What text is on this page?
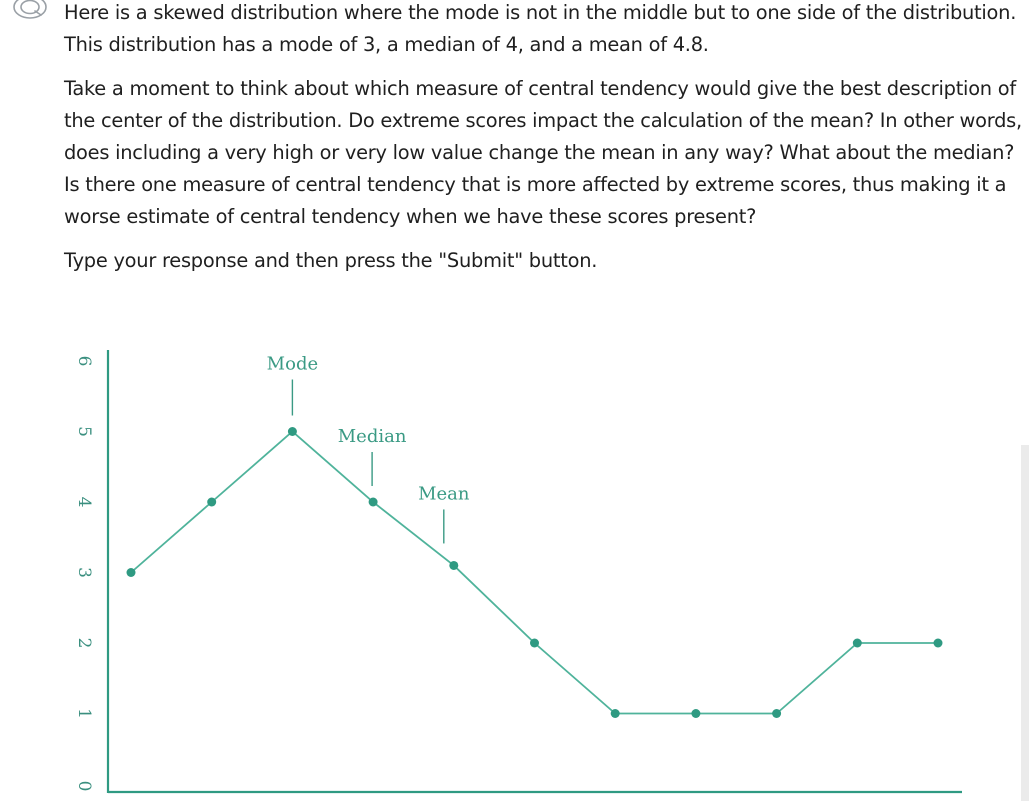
Here is a skewed distribution where the mode is not in the middle but to one side of the distribution. This distribution has a mode of 3, a median of 4, and a mean of 4.8.

Take a moment to think about which measure of central tendency would give the best description of the center of the distribution. Do extreme scores impact the calculation of the mean? In other words, does including a very high or very low value change the mean in any way? What about the median? Is there one measure of central tendency that is more affected by extreme scores, thus making it a worse estimate of central tendency when we have these scores present?

Type your response and then press the "Submit" button.

0
1
2
3
4
5
6	Mode
Median
Mean
